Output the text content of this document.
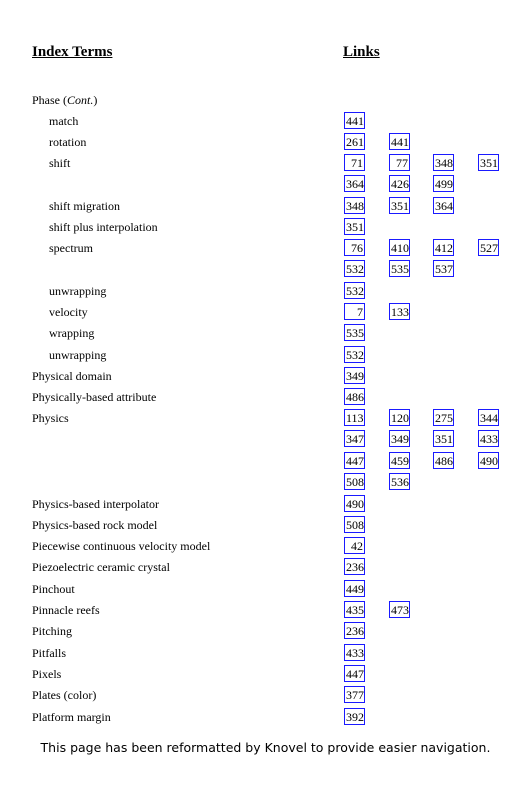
Index Terms	Links
Phase (Cont.)
match	441
rotation	261 441
shift	71	77 348 351
364 426 499
shift migration	348 351 364
shift plus interpolation	351
spectrum	76 410 412 527
532 535 537
unwrapping	532
velocity	7 133
wrapping	535
unwrapping	532
Physical domain	349
Physically-based attribute	486
Physics	113 120 275 344
347 349 351 433
447 459 486 490
508 536
Physics-based interpolator	490
Physics-based rock model	508
Piecewise continuous velocity model	42
Piezoelectric ceramic crystal	236
Pinchout	449
Pinnacle reefs	435 473
Pitching	236
Pitfalls	433
Pixels	447
Plates (color)	377
Platform margin	392
This page has been reformatted by Knovel to provide easier navigation.
